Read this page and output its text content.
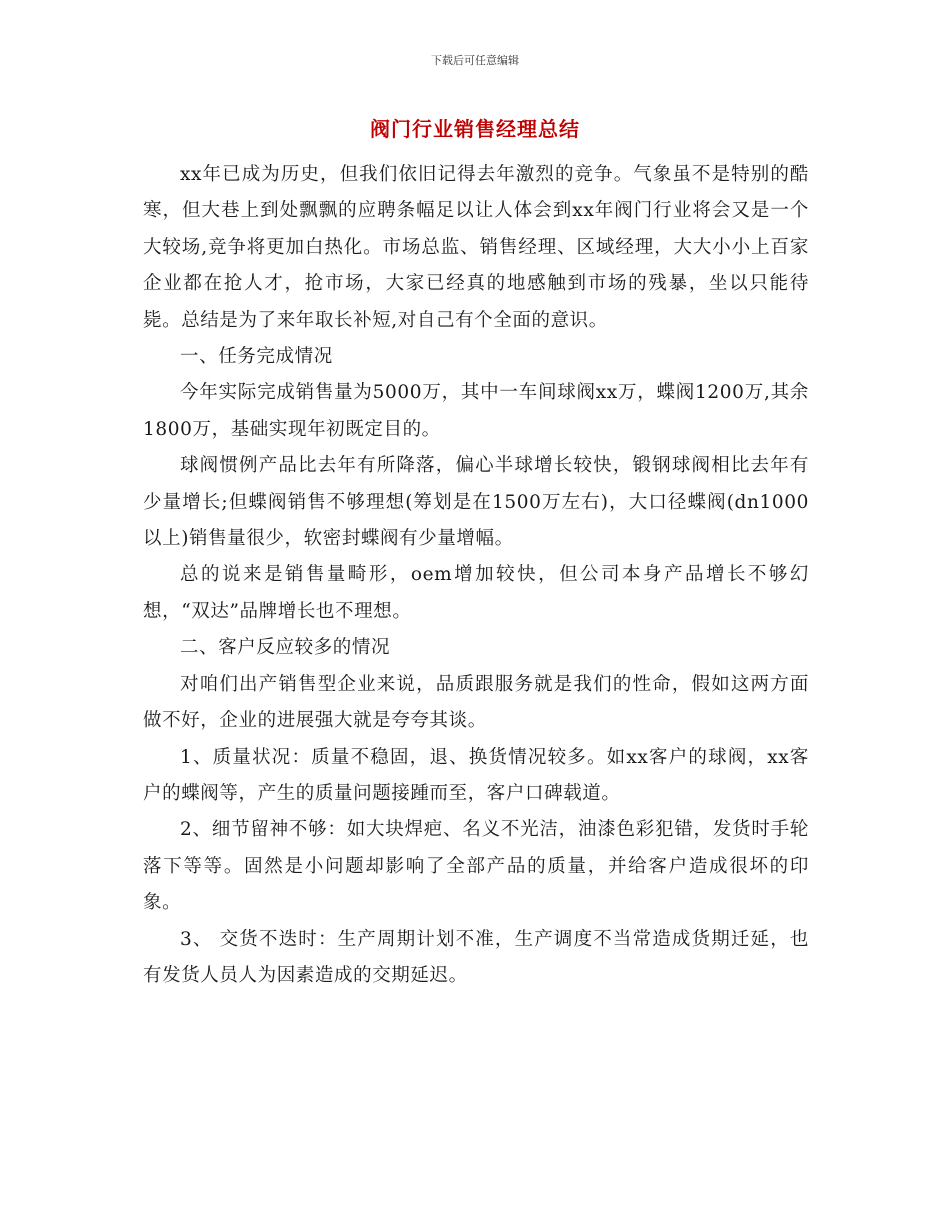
下载后可任意编辑
阀门行业销售经理总结

xx年已成为历史，但我们依旧记得去年激烈的竞争。气象虽不是特别的酷寒，但大巷上到处飘飘的应聘条幅足以让人体会到xx年阀门行业将会又是一个大较场,竞争将更加白热化。市场总监、销售经理、区域经理，大大小小上百家企业都在抢人才，抢市场，大家已经真的地感触到市场的残暴，坐以只能待毙。总结是为了来年取长补短,对自己有个全面的意识。

一、任务完成情况

今年实际完成销售量为5000万，其中一车间球阀xx万，蝶阀1200万,其余1800万，基础实现年初既定目的。

球阀惯例产品比去年有所降落，偏心半球增长较快，锻钢球阀相比去年有少量增长;但蝶阀销售不够理想(筹划是在1500万左右)，大口径蝶阀(dn1000以上)销售量很少，软密封蝶阀有少量增幅。

总的说来是销售量畸形，oem增加较快，但公司本身产品增长不够幻想，“双达”品牌增长也不理想。

二、客户反应较多的情况

对咱们出产销售型企业来说，品质跟服务就是我们的性命，假如这两方面做不好，企业的进展强大就是夸夸其谈。

1、质量状况：质量不稳固，退、换货情况较多。如xx客户的球阀，xx客户的蝶阀等，产生的质量问题接踵而至，客户口碑载道。

2、细节留神不够：如大块焊疤、名义不光洁，油漆色彩犯错，发货时手轮落下等等。固然是小问题却影响了全部产品的质量，并给客户造成很坏的印象。

3、 交货不迭时：生产周期计划不准，生产调度不当常造成货期迁延，也有发货人员人为因素造成的交期延迟。
